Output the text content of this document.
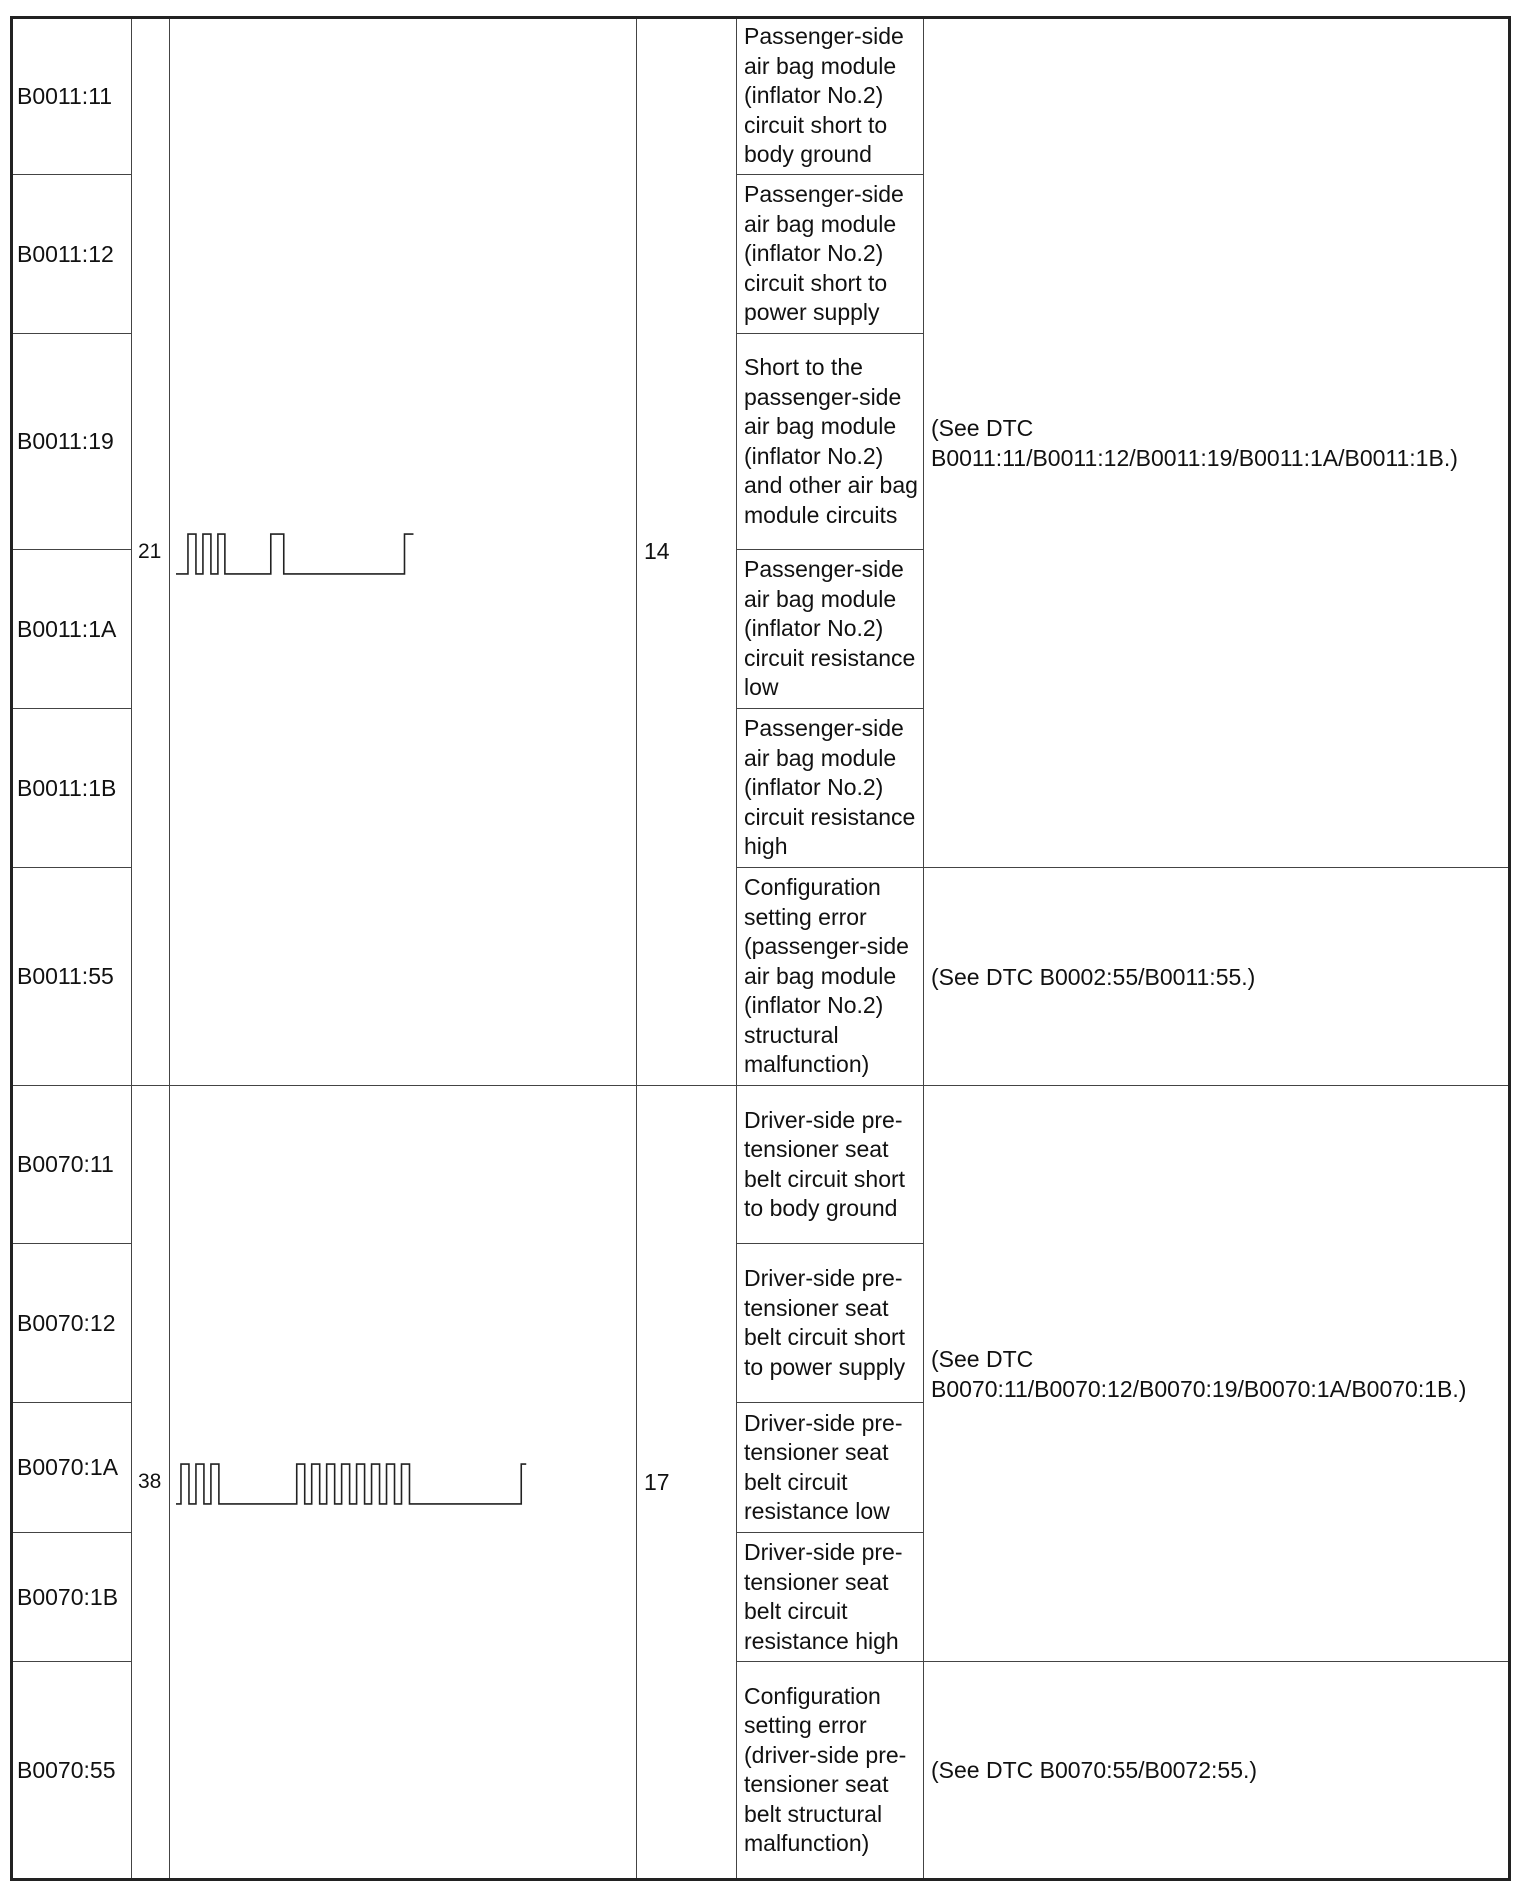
B0011:11
B0011:12
B0011:19
B0011:1A
B0011:1B
B0011:55
21	14
Passenger-side air bag module (inflator No.2) circuit short to body ground
Passenger-side air bag module (inflator No.2) circuit short to power supply
Short to the passenger-side air bag module (inflator No.2) and other air bag module circuits
Passenger-side air bag module (inflator No.2) circuit resistance low
Passenger-side air bag module (inflator No.2) circuit resistance high
Configuration setting error (passenger-side air bag module (inflator No.2) structural malfunction)
(See DTC
B0011:11/B0011:12/B0011:19/B0011:1A/B0011:1B.)
(See DTC B0002:55/B0011:55.)
B0070:11
B0070:12
B0070:1A
B0070:1B
B0070:55
38	17
Driver-side pre-tensioner seat belt circuit short to body ground
Driver-side pre-tensioner seat belt circuit short to power supply
Driver-side pre-tensioner seat belt circuit resistance low
Driver-side pre-tensioner seat belt circuit resistance high
Configuration setting error (driver-side pre-tensioner seat belt structural malfunction)
(See DTC
B0070:11/B0070:12/B0070:19/B0070:1A/B0070:1B.)
(See DTC B0070:55/B0072:55.)
